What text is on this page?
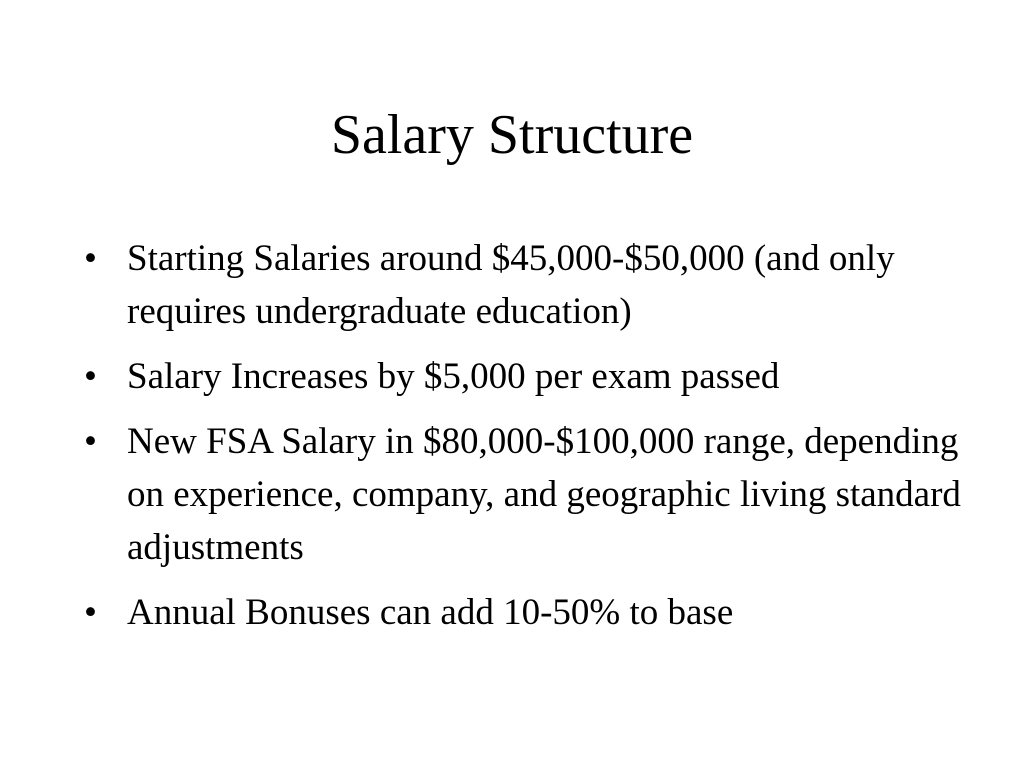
Salary Structure
• Starting Salaries around $45,000-$50,000 (and only requires undergraduate education)
• Salary Increases by $5,000 per exam passed
• New FSA Salary in $80,000-$100,000 range, depending on experience, company, and geographic living standard adjustments
• Annual Bonuses can add 10-50% to base
